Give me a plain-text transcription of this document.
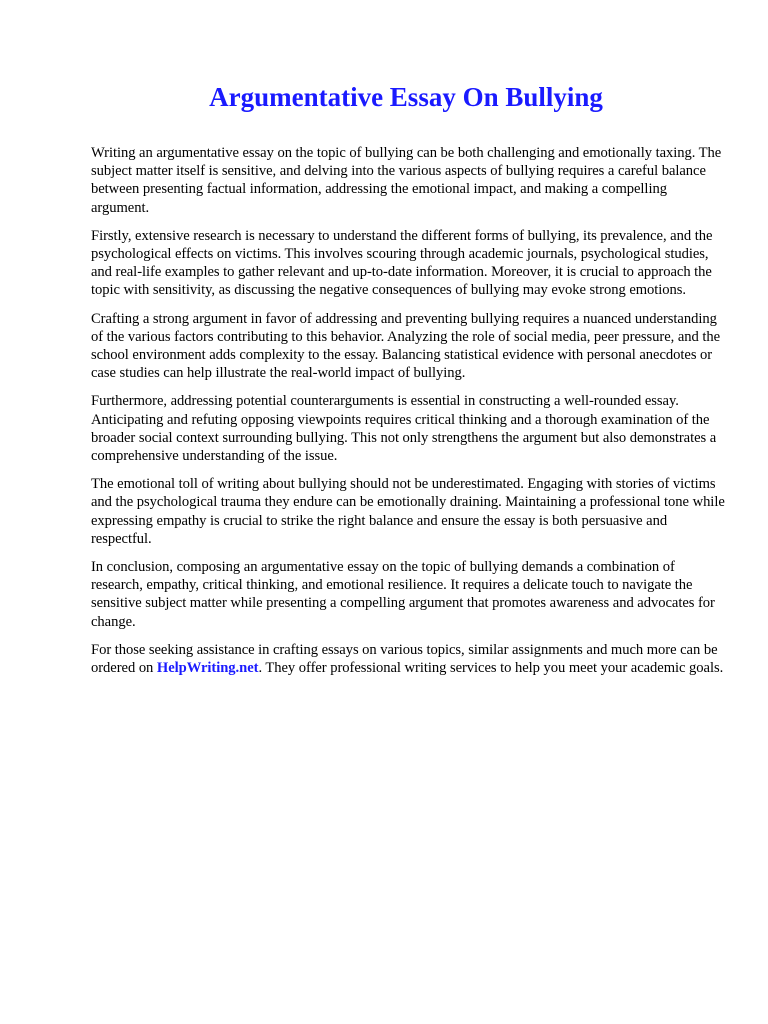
Argumentative Essay On Bullying

Writing an argumentative essay on the topic of bullying can be both challenging and emotionally taxing. The subject matter itself is sensitive, and delving into the various aspects of bullying requires a careful balance between presenting factual information, addressing the emotional impact, and making a compelling argument.

Firstly, extensive research is necessary to understand the different forms of bullying, its prevalence, and the psychological effects on victims. This involves scouring through academic journals, psychological studies, and real-life examples to gather relevant and up-to-date information. Moreover, it is crucial to approach the topic with sensitivity, as discussing the negative consequences of bullying may evoke strong emotions.

Crafting a strong argument in favor of addressing and preventing bullying requires a nuanced understanding of the various factors contributing to this behavior. Analyzing the role of social media, peer pressure, and the school environment adds complexity to the essay. Balancing statistical evidence with personal anecdotes or case studies can help illustrate the real-world impact of bullying.

Furthermore, addressing potential counterarguments is essential in constructing a well-rounded essay. Anticipating and refuting opposing viewpoints requires critical thinking and a thorough examination of the broader social context surrounding bullying. This not only strengthens the argument but also demonstrates a comprehensive understanding of the issue.

The emotional toll of writing about bullying should not be underestimated. Engaging with stories of victims and the psychological trauma they endure can be emotionally draining. Maintaining a professional tone while expressing empathy is crucial to strike the right balance and ensure the essay is both persuasive and respectful.

In conclusion, composing an argumentative essay on the topic of bullying demands a combination of research, empathy, critical thinking, and emotional resilience. It requires a delicate touch to navigate the sensitive subject matter while presenting a compelling argument that promotes awareness and advocates for change.

For those seeking assistance in crafting essays on various topics, similar assignments and much more can be ordered on HelpWriting.net. They offer professional writing services to help you meet your academic goals.
